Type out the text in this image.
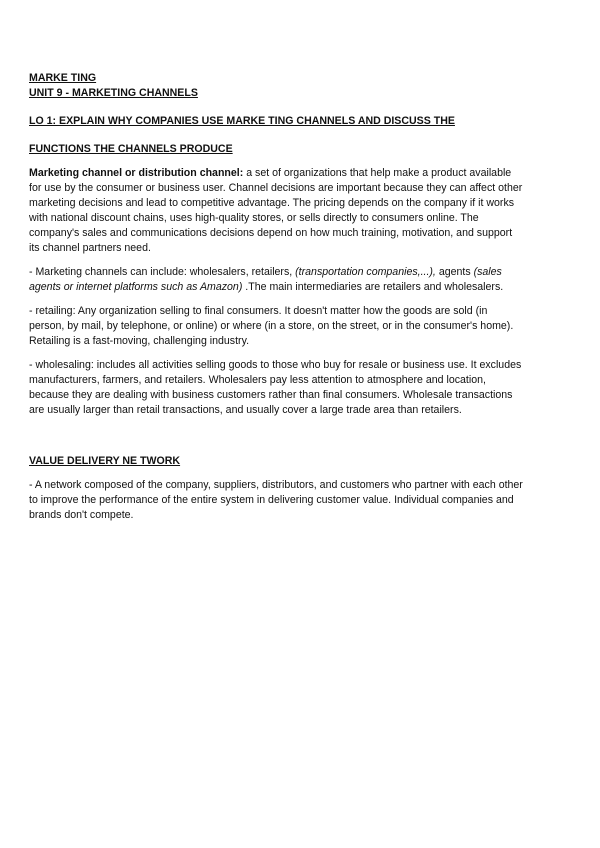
MARKE TING

UNIT 9 - MARKETING CHANNELS

LO 1: EXPLAIN WHY COMPANIES USE MARKE TING CHANNELS AND DISCUSS THE

FUNCTIONS THE CHANNELS PRODUCE

Marketing channel or distribution channel: a set of organizations that help make a product available for use by the consumer or business user. Channel decisions are important because they can affect other marketing decisions and lead to competitive advantage. The pricing depends on the company if it works with national discount chains, uses high-quality stores, or sells directly to consumers online. The company's sales and communications decisions depend on how much training, motivation, and support its channel partners need.

- Marketing channels can include: wholesalers, retailers, (transportation companies,...), agents (sales agents or internet platforms such as Amazon) .The main intermediaries are retailers and wholesalers.

- retailing: Any organization selling to final consumers. It doesn't matter how the goods are sold (in person, by mail, by telephone, or online) or where (in a store, on the street, or in the consumer's home). Retailing is a fast-moving, challenging industry.

- wholesaling: includes all activities selling goods to those who buy for resale or business use. It excludes manufacturers, farmers, and retailers. Wholesalers pay less attention to atmosphere and location, because they are dealing with business customers rather than final consumers. Wholesale transactions are usually larger than retail transactions, and usually cover a large trade area than retailers.

VALUE DELIVERY NE TWORK

- A network composed of the company, suppliers, distributors, and customers who partner with each other to improve the performance of the entire system in delivering customer value. Individual companies and brands don't compete.
